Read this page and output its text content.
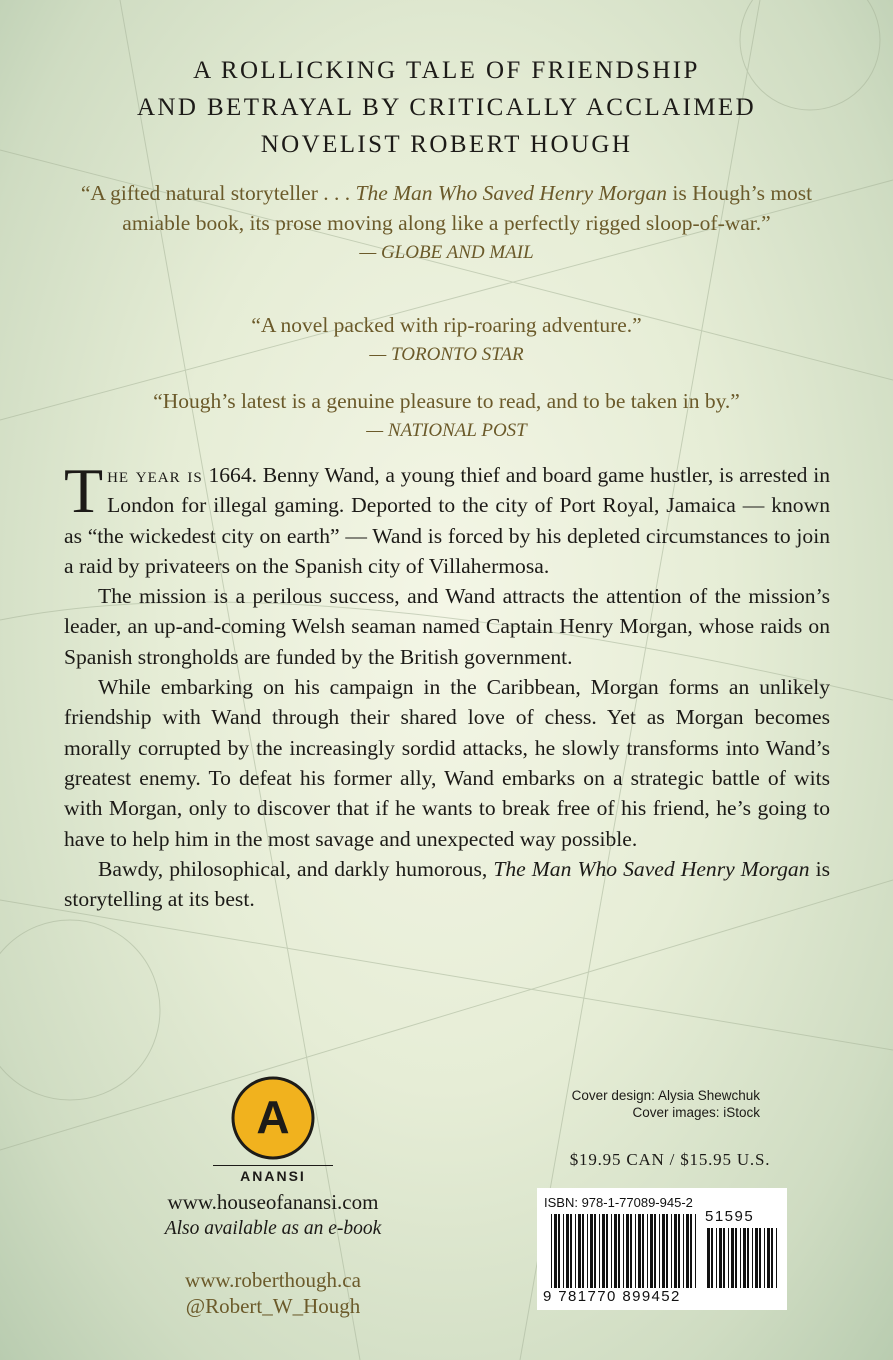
A ROLLICKING TALE OF FRIENDSHIP
AND BETRAYAL BY CRITICALLY ACCLAIMED
NOVELIST ROBERT HOUGH
“A gifted natural storyteller . . . The Man Who Saved Henry Morgan is Hough’s most amiable book, its prose moving along like a perfectly rigged sloop-of-war.”
— GLOBE AND MAIL
“A novel packed with rip-roaring adventure.”
— TORONTO STAR
“Hough’s latest is a genuine pleasure to read, and to be taken in by.”
— NATIONAL POST

The year is 1664. Benny Wand, a young thief and board game hustler, is arrested in London for illegal gaming. Deported to the city of Port Royal, Jamaica — known as “the wickedest city on earth” — Wand is forced by his depleted circumstances to join a raid by privateers on the Spanish city of Villahermosa.

The mission is a perilous success, and Wand attracts the attention of the mission’s leader, an up-and-coming Welsh seaman named Captain Henry Morgan, whose raids on Spanish strongholds are funded by the British government.

While embarking on his campaign in the Caribbean, Morgan forms an unlikely friendship with Wand through their shared love of chess. Yet as Morgan becomes morally corrupted by the increasingly sordid attacks, he slowly transforms into Wand’s greatest enemy. To defeat his former ally, Wand embarks on a strategic battle of wits with Morgan, only to discover that if he wants to break free of his friend, he’s going to have to help him in the most savage and unexpected way possible.

Bawdy, philosophical, and darkly humorous, The Man Who Saved Henry Morgan is storytelling at its best.

A
ANANSI
www.houseofanansi.com
Also available as an e-book
www.roberthough.ca
@Robert_W_Hough
Cover design: Alysia Shewchuk
Cover images: iStock
$19.95 CAN / $15.95 U.S.
ISBN: 978-1-77089-945-2
51595
9 781770 899452
